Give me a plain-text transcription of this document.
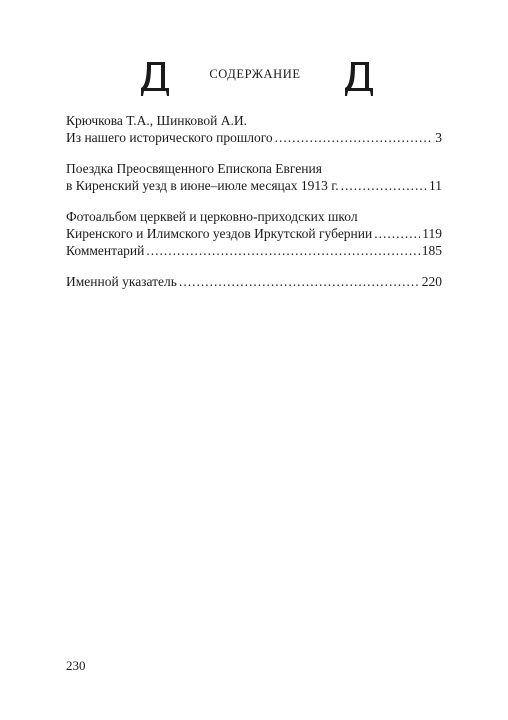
СОДЕРЖАНИЕ
Крючкова Т.А., Шинковой А.И.
Из нашего исторического прошлого .....	3
Поездка Преосвященного Епископа Евгения
в Киренский уезд в июне–июле месяцах 1913 г. .....	11
Фотоальбом церквей и церковно-приходских школ
Киренского и Илимского уездов Иркутской губернии .....	119
Комментарий .....	185
Именной указатель .....	220
230
